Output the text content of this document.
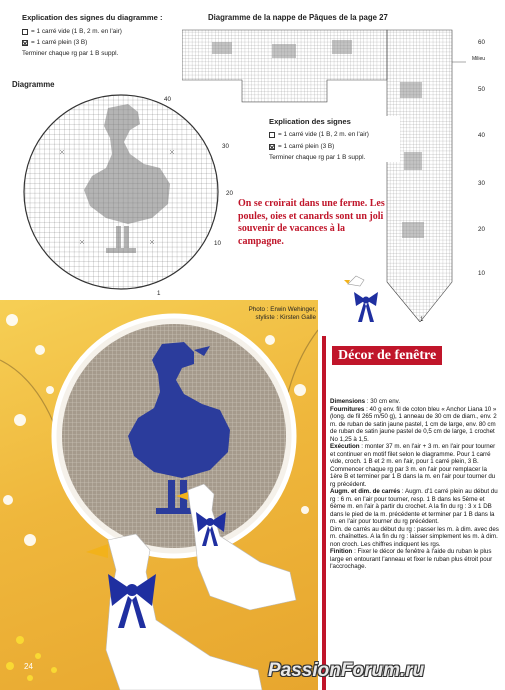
Explication des signes du diagramme :
= 1 carré vide (1 B, 2 m. en l'air)
= 1 carré plein (3 B)
Terminer chaque rg par 1 B suppl.
Diagramme
40
30
20
10
1
Diagramme de la nappe de Pâques de la page 27
60
Milieu
50
40
30
20
10
1
Explication des signes
= 1 carré vide (1 B, 2 m. en l'air)
= 1 carré plein (3 B)
Terminer chaque rg par 1 B suppl.
On se croirait dans une ferme. Les poules, oies et canards sont un joli souvenir de vacances à la campagne.
24
Photo : Erwin Wehinger,
styliste : Kirsten Galle
Décor de fenêtre

Dimensions : 30 cm env.

Fournitures : 40 g env. fil de coton bleu « Anchor Liana 10 » (long. de fil 265 m/50 g), 1 anneau de 30 cm de diam., env. 2 m. de ruban de satin jaune pastel, 1 cm de large, env. 80 cm de ruban de satin jaune pastel de 0,5 cm de large, 1 crochet No 1,25 à 1,5.

Exécution : monter 37 m. en l'air + 3 m. en l'air pour tourner et continuer en motif filet selon le diagramme. Pour 1 carré vide, croch. 1 B et 2 m. en l'air, pour 1 carré plein, 3 B. Commencer chaque rg par 3 m. en l'air pour remplacer la 1ère B et terminer par 1 B dans la m. en l'air pour tourner du rg précédent.

Augm. et dim. de carrés : Augm. d'1 carré plein au début du rg : 6 m. en l'air pour tourner, resp. 1 B dans les 5ème et 6ème m. en l'air à partir du crochet. A la fin du rg : 3 x 1 DB dans le pied de la m. précédente et terminer par 1 B dans la m. en l'air pour tourner du rg précédent.

Dim. de carrés au début du rg : passer les m. à dim. avec des m. chaînettes. A la fin du rg : laisser simplement les m. à dim. non croch. Les chiffres indiquent les rgs.

Finition : Fixer le décor de fenêtre à l'aide du ruban le plus large en entourant l'anneau et fixer le ruban plus étroit pour l'accrochage.

PassionForum.ru
